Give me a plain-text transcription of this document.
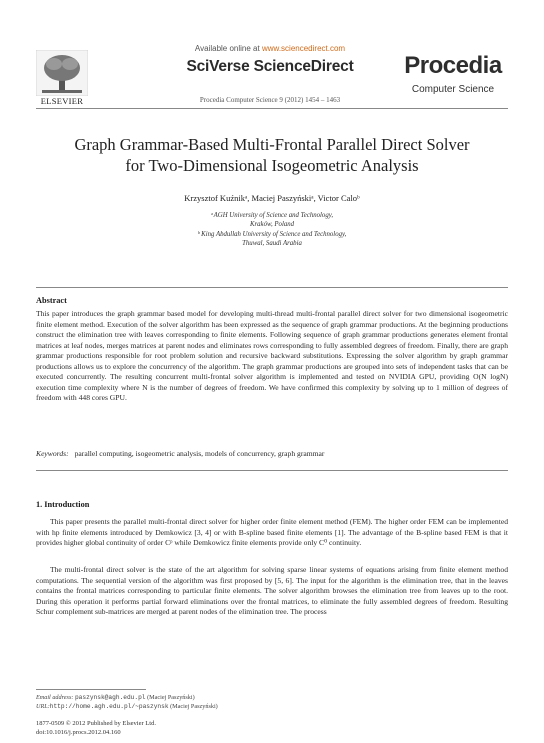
Available online at www.sciencedirect.com
SciVerse ScienceDirect
Procedia Computer Science 9 (2012) 1454 – 1463
ELSEVIER
Procedia
Computer Science
Graph Grammar-Based Multi-Frontal Parallel Direct Solver
for Two-Dimensional Isogeometric Analysis
Krzysztof Kuźnikᵃ, Maciej Paszyńskiᵃ, Victor Caloᵇ
ᵃAGH University of Science and Technology,
Kraków, Poland
ᵇ King Abdullah University of Science and Technology,
Thuwal, Saudi Arabia
Abstract
This paper introduces the graph grammar based model for developing multi-thread multi-frontal parallel direct solver for two dimensional isogeometric finite element method. Execution of the solver algorithm has been expressed as the sequence of graph grammar productions. At the beginning productions construct the elimination tree with leaves corresponding to finite elements. Following sequence of graph grammar productions generates element frontal matrices at leaf nodes, merges matrices at parent nodes and eliminates rows corresponding to fully assembled degrees of freedom. Finally, there are graph grammar productions responsible for root problem solution and recursive backward substitutions. Expressing the solver algorithm by graph grammar productions allows us to explore the concurrency of the algorithm. The graph grammar productions are grouped into sets of independent tasks that can be executed concurrently. The resulting concurrent multi-frontal solver algorithm is implemented and tested on NVIDIA GPU, providing O(N logN) execution time complexity where N is the number of degrees of freedom. We have confirmed this complexity by solving up to 1 million of degrees of freedom with 448 cores GPU.
Keywords: parallel computing, isogeometric analysis, models of concurrency, graph grammar
1. Introduction
This paper presents the parallel multi-frontal direct solver for higher order finite element method (FEM). The higher order FEM can be implemented with hp finite elements introduced by Demkowicz [3, 4] or with B-spline based finite elements [1]. The advantage of the B-spline based FEM is that it provides higher global continuity of order Cᵖ while Demkowicz finite elements provide only C⁰ continuity.
The multi-frontal direct solver is the state of the art algorithm for solving sparse linear systems of equations arising from finite element method computations. The sequential version of the algorithm was first proposed by [5, 6]. The input for the algorithm is the elimination tree, that in the leaves contains the frontal matrices corresponding to particular finite elements. The solver algorithm browses the elimination tree from leaves up to the root. During this operation it performs partial forward eliminations over the frontal matrices, to eliminate the fully assembled degrees of freedom. Resulting Schur complement sub-matrices are merged at parent nodes of the elimination tree. The process
Email address: paszynsk@agh.edu.pl (Maciej Paszyński)
URL:http://home.agh.edu.pl/~paszynsk (Maciej Paszyński)
1877-0509 © 2012 Published by Elsevier Ltd.
doi:10.1016/j.procs.2012.04.160
